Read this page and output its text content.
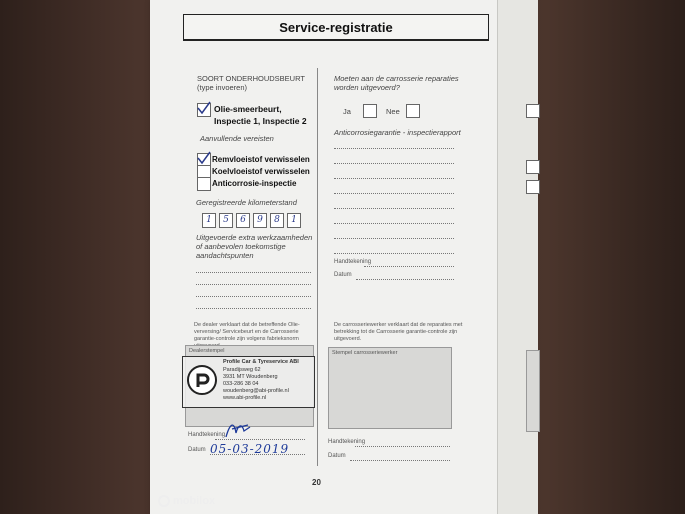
Service-registratie
SOORT ONDERHOUDSBEURT (type invoeren)
Olie-smeerbeurt,
Inspectie 1, Inspectie 2
Aanvullende vereisten
Remvloeistof verwisselen
Koelvloeistof verwisselen
Anticorrosie-inspectie
Geregistreerde kilometerstand
1	5	6	9	8	1
Uitgevoerde extra werkzaamheden of aanbevolen toekomstige aandachtspunten
De dealer verklaart dat de betreffende Olie-verversing/ Servicebeurt en de Carrosserie garantie-controle zijn volgens fabrieksnorm
Dealerstempel
Profile Car & Tyreservice ABI
Paradijsweg 62
3931 MT Woudenberg
033-286 38 04
woudenberg@abi-profile.nl
www.abi-profile.nl
Handtekening
Datum 05-03-2019
Moeten aan de carrosserie reparaties worden uitgevoerd?
Ja	Nee
Anticorrosiegarantie - inspectierapport
Handtekening
Datum
De carrosseriewerker verklaart dat de reparaties met betrekking tot de Carrosserie garantie-controle zijn uitgevoerd.
Stempel carrosseriewerker
Handtekening
Datum
20
mobilox
